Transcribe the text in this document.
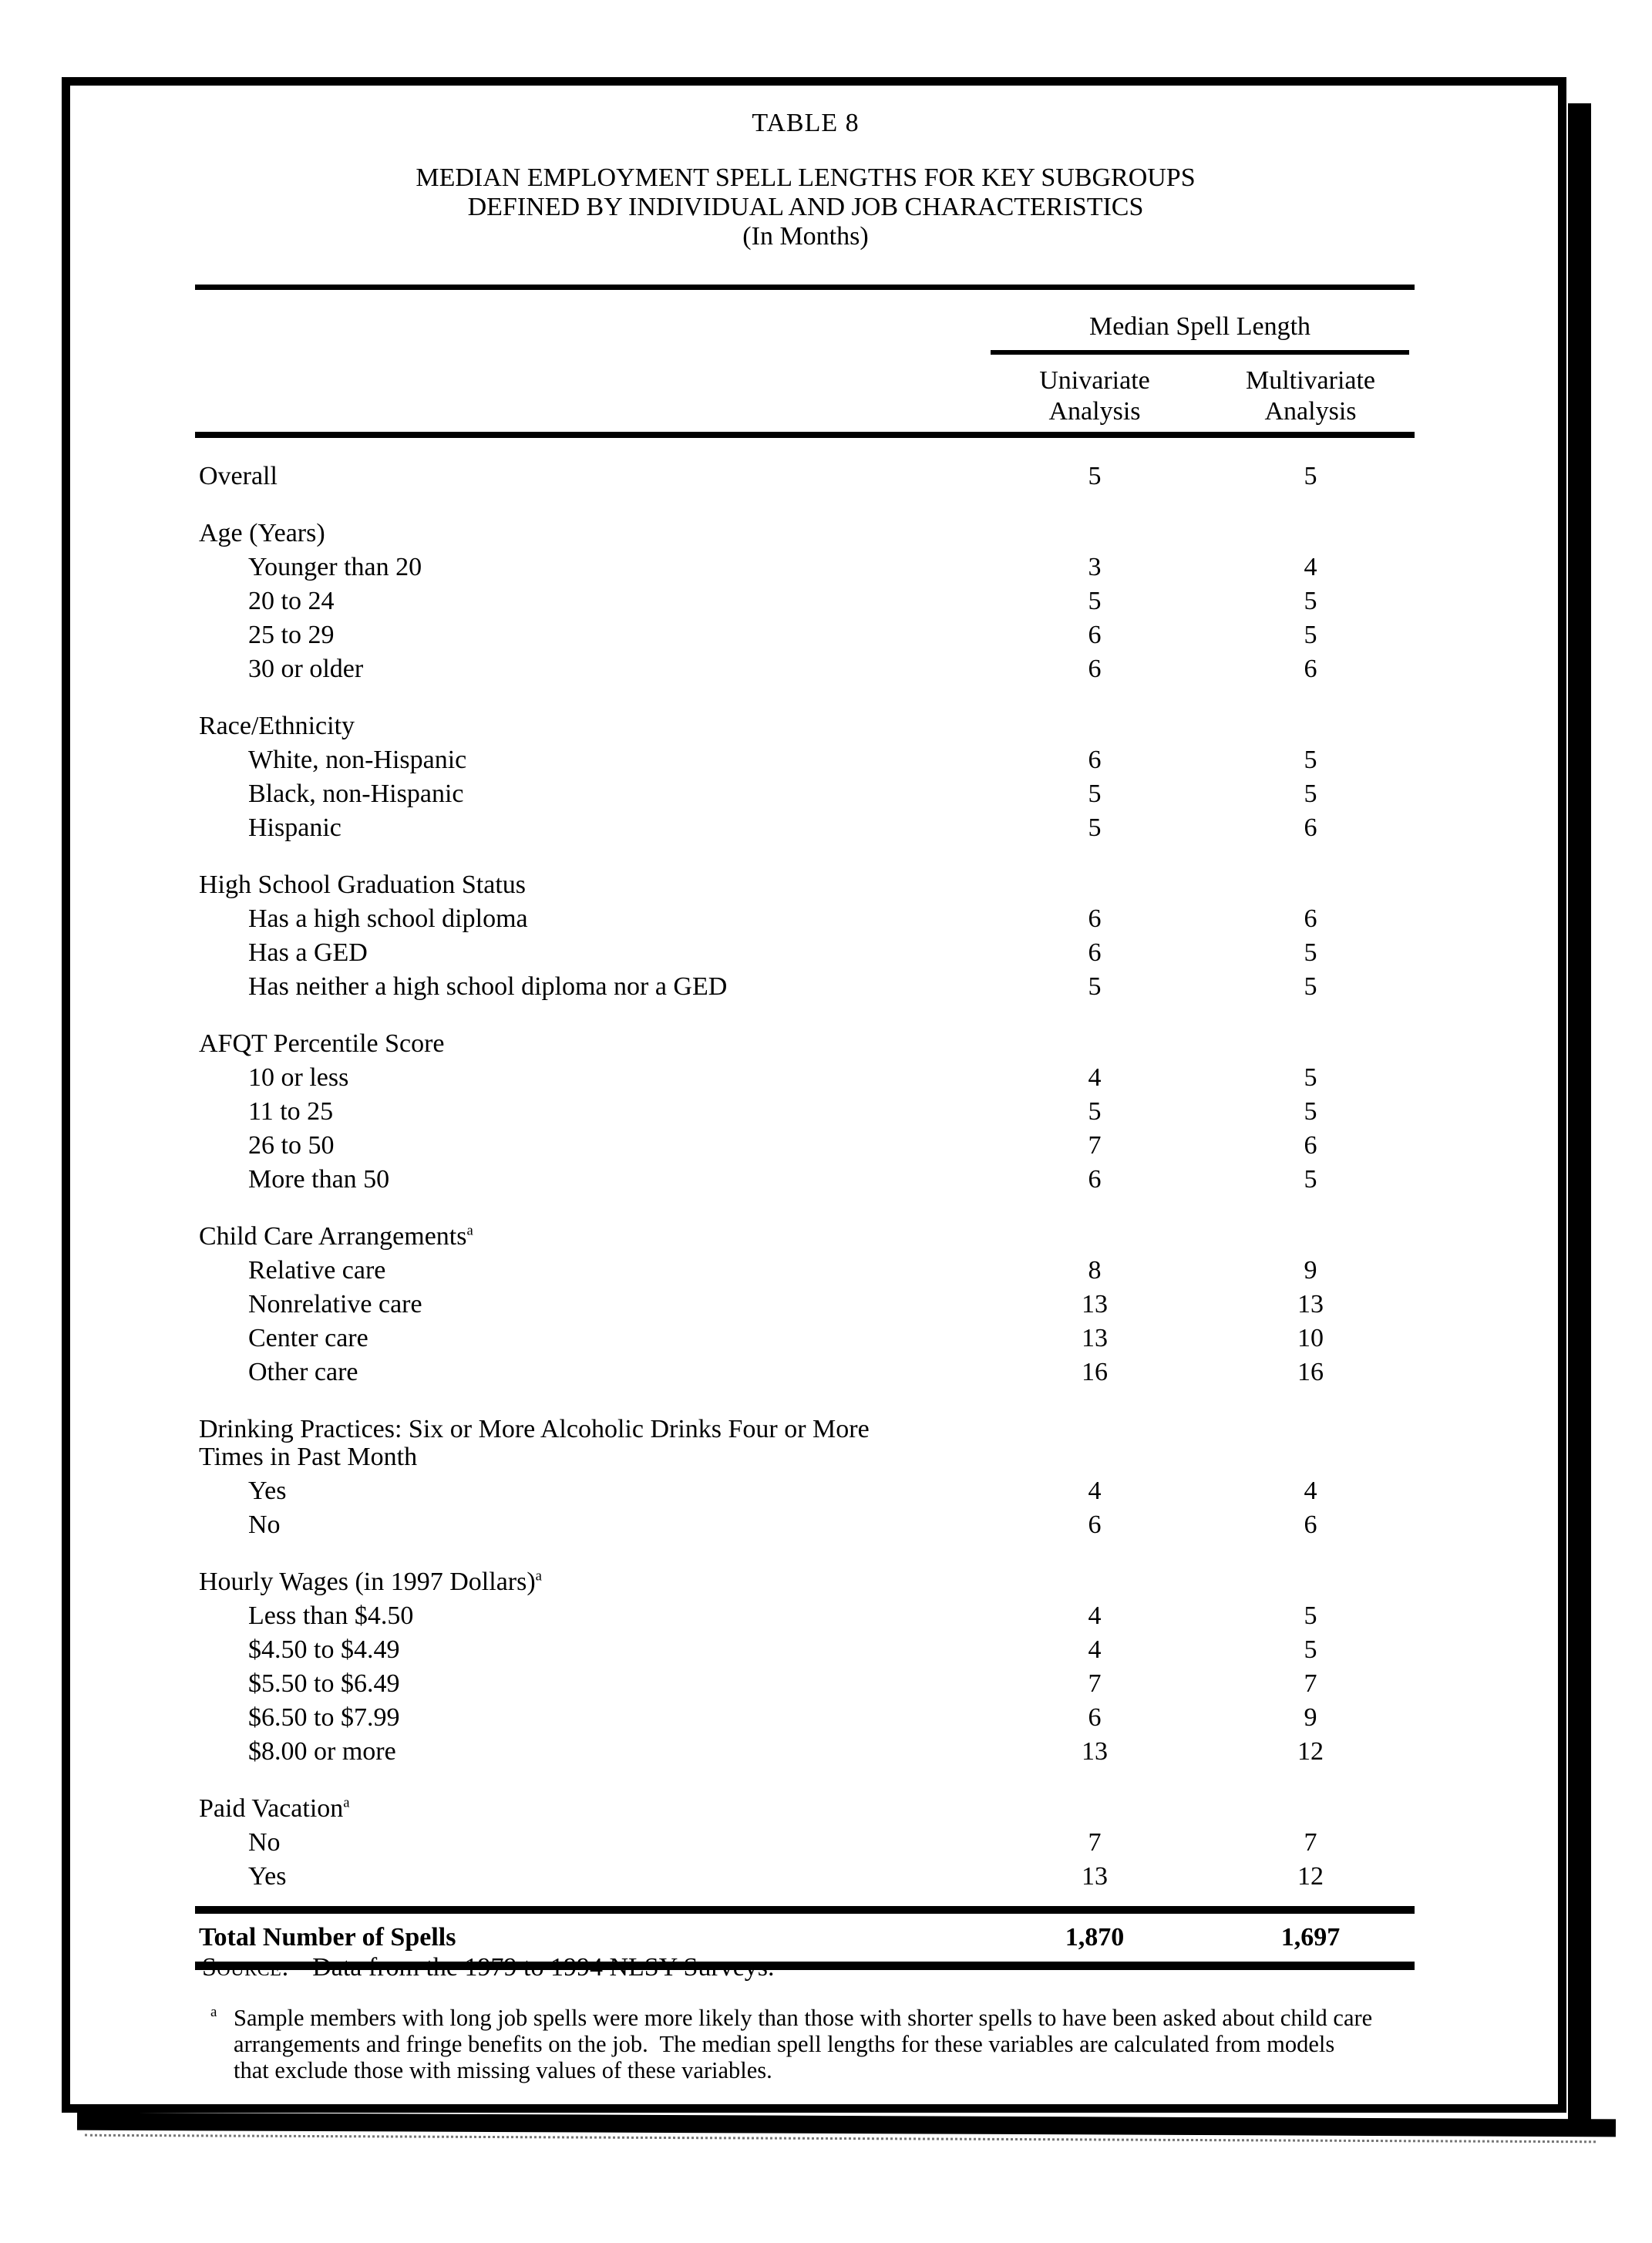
TABLE 8
MEDIAN EMPLOYMENT SPELL LENGTHS FOR KEY SUBGROUPS
DEFINED BY INDIVIDUAL AND JOB CHARACTERISTICS
(In Months)
Median Spell Length
Univariate
Analysis
Multivariate
Analysis
Overall	5	5
Age (Years)
Younger than 20	3	4
20 to 24	5	5
25 to 29	6	5
30 or older	6	6
Race/Ethnicity
White, non-Hispanic	6	5
Black, non-Hispanic	5	5
Hispanic	5	6
High School Graduation Status
Has a high school diploma	6	6
Has a GED	6	5
Has neither a high school diploma nor a GED	5	5
AFQT Percentile Score
10 or less	4	5
11 to 25	5	5
26 to 50	7	6
More than 50	6	5
Child Care Arrangements$^a$
Relative care	8	9
Nonrelative care	13	13
Center care	13	10
Other care	16	16
Drinking Practices: Six or More Alcoholic Drinks Four or More
Times in Past Month
Yes	4	4
No	6	6
Hourly Wages (in 1997 Dollars)$^a$
Less than $4.50	4	5
$4.50 to $4.49	4	5
$5.50 to $6.49	7	7
$6.50 to $7.99	6	9
$8.00 or more	13	12
Paid Vacation$^a$
No	7	7
Yes	13	12
Total Number of Spells	1,870	1,697
Source: Data from the 1979 to 1994 NLSY Surveys.
a Sample members with long job spells were more likely than those with shorter spells to have been asked about child care
arrangements and fringe benefits on the job.  The median spell lengths for these variables are calculated from models
that exclude those with missing values of these variables.
